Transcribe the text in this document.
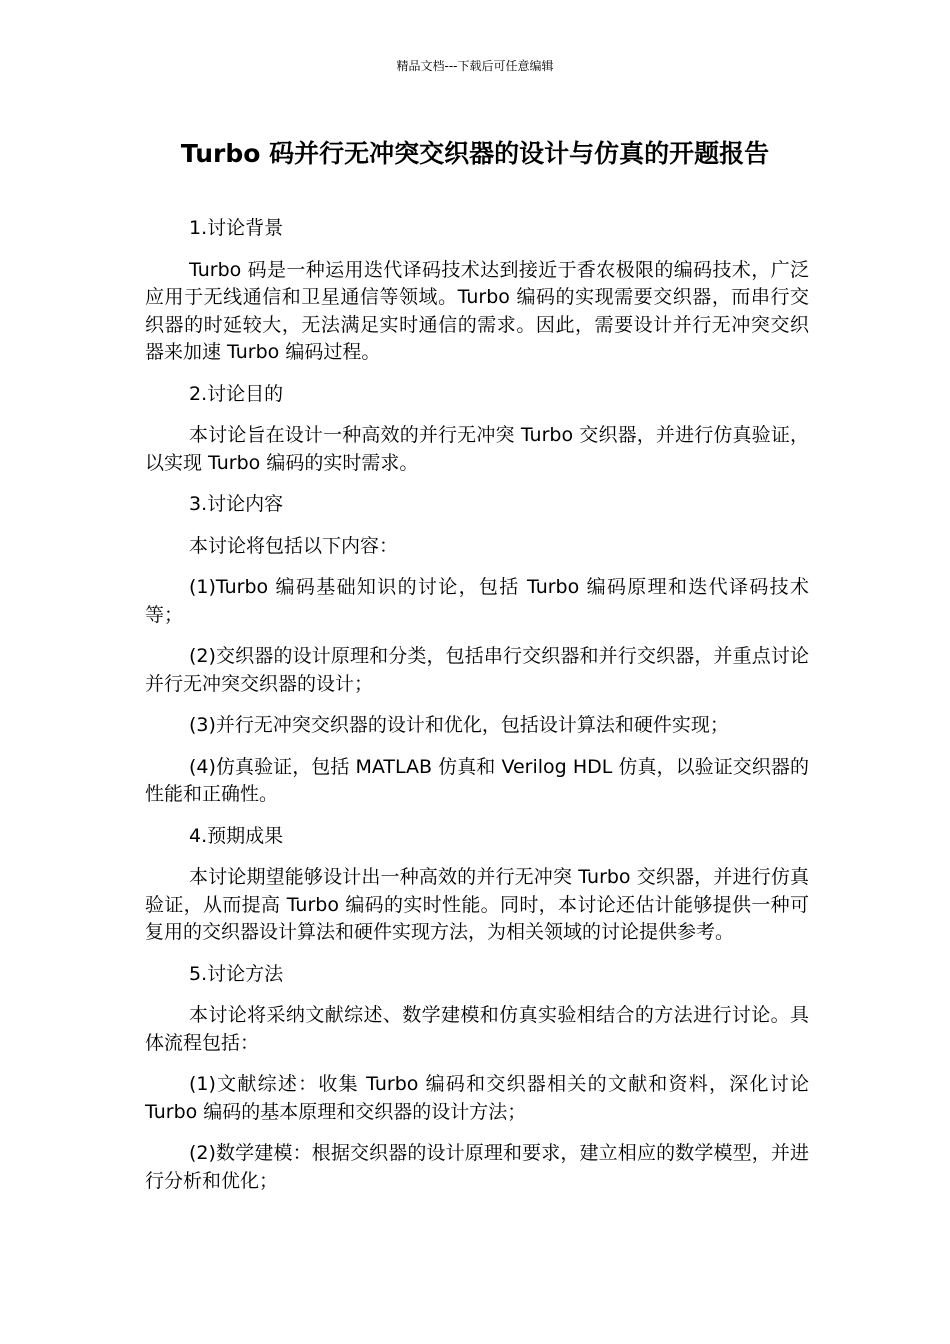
精品文档---下载后可任意编辑
Turbo 码并行无冲突交织器的设计与仿真的开题报告

1.讨论背景

Turbo 码是一种运用迭代译码技术达到接近于香农极限的编码技术，广泛应用于无线通信和卫星通信等领域。Turbo 编码的实现需要交织器，而串行交织器的时延较大，无法满足实时通信的需求。因此，需要设计并行无冲突交织器来加速 Turbo 编码过程。

2.讨论目的

本讨论旨在设计一种高效的并行无冲突 Turbo 交织器，并进行仿真验证，以实现 Turbo 编码的实时需求。

3.讨论内容

本讨论将包括以下内容：

(1)Turbo 编码基础知识的讨论，包括 Turbo 编码原理和迭代译码技术等；

(2)交织器的设计原理和分类，包括串行交织器和并行交织器，并重点讨论并行无冲突交织器的设计；

(3)并行无冲突交织器的设计和优化，包括设计算法和硬件实现；

(4)仿真验证，包括 MATLAB 仿真和 Verilog HDL 仿真，以验证交织器的性能和正确性。

4.预期成果

本讨论期望能够设计出一种高效的并行无冲突 Turbo 交织器，并进行仿真验证，从而提高 Turbo 编码的实时性能。同时，本讨论还估计能够提供一种可复用的交织器设计算法和硬件实现方法，为相关领域的讨论提供参考。

5.讨论方法

本讨论将采纳文献综述、数学建模和仿真实验相结合的方法进行讨论。具体流程包括：

(1)文献综述：收集 Turbo 编码和交织器相关的文献和资料，深化讨论 Turbo 编码的基本原理和交织器的设计方法；

(2)数学建模：根据交织器的设计原理和要求，建立相应的数学模型，并进行分析和优化；
